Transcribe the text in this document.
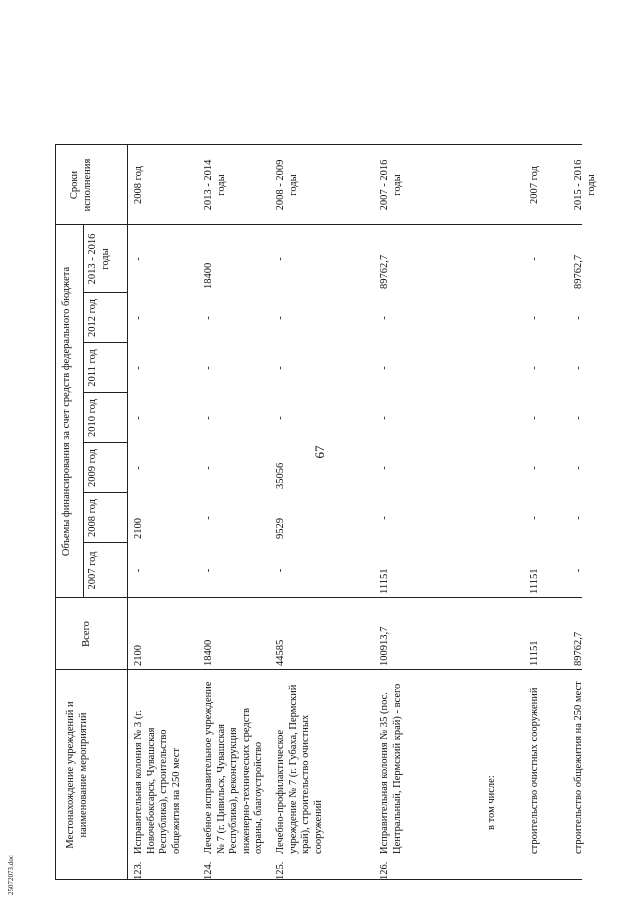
67
2507207З.doc
Местонахождение учреждений и наименование мероприятий
Всего
Объемы финансирования за счет средств федерального бюджета
2007 год
2008 год
2009 год
2010 год
2011 год
2012 год
2013 - 2016 годы
Сроки исполнения
123.
Исправительная колония № 3 (г. Новочебоксарск, Чувашская Республика), строительство общежития на 250 мест
2100
-
2100
-
-
-
-
-
2008 год
124.
Лечебное исправительное учреждение № 7 (г. Цивильск, Чувашская Республика), реконструкция инженерно-технических средств охраны, благоустройство
18400
-
-
-
-
-
-
18400
2013 - 2014 годы
125.
Лечебно-профилактическое учреждение № 7 (г. Губаха, Пермский край), строительство очистных сооружений
44585
-
9529
35056
-
-
-
-
2008 - 2009 годы
126.
Исправительная колония № 35 (пос. Центральный, Пермский край) - всего
100913,7
11151
-
-
-
-
-
89762,7
2007 - 2016 годы
в том числе:	строительство очистных сооружений
11151
11151
-
-
-
-
-
-
2007 год
строительство общежития на 250 мест
89762,7
-
-
-
-
-
-
89762,7
2015 - 2016 годы
